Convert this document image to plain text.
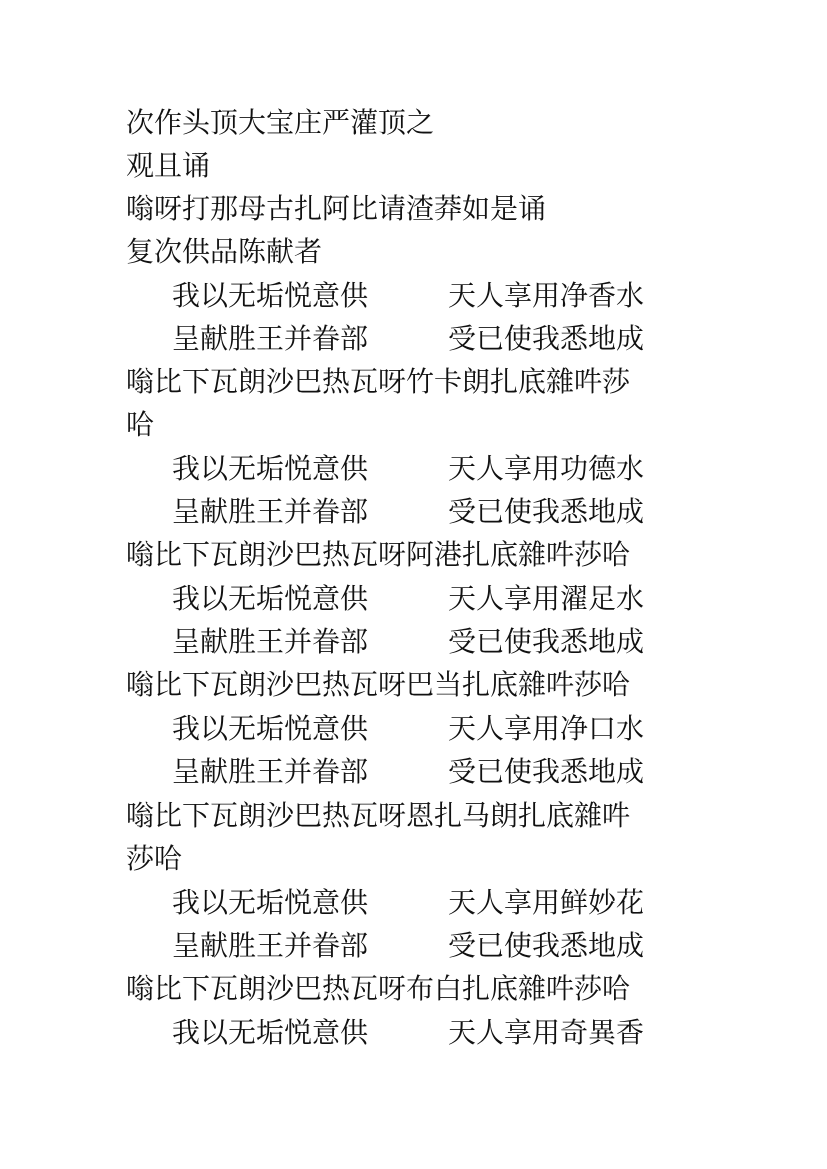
次作头顶大宝庄严灌顶之
观且诵
嗡呀打那母古扎阿比请渣莽如是诵
复次供品陈献者
我以无垢悦意供	天人享用净香水
呈献胜王并眷部	受已使我悉地成
嗡比下瓦朗沙巴热瓦呀竹卡朗扎底雜吽莎
哈
我以无垢悦意供	天人享用功德水
呈献胜王并眷部	受已使我悉地成
嗡比下瓦朗沙巴热瓦呀阿港扎底雜吽莎哈
我以无垢悦意供	天人享用濯足水
呈献胜王并眷部	受已使我悉地成
嗡比下瓦朗沙巴热瓦呀巴当扎底雜吽莎哈
我以无垢悦意供	天人享用净口水
呈献胜王并眷部	受已使我悉地成
嗡比下瓦朗沙巴热瓦呀恩扎马朗扎底雜吽
莎哈
我以无垢悦意供	天人享用鲜妙花
呈献胜王并眷部	受已使我悉地成
嗡比下瓦朗沙巴热瓦呀布白扎底雜吽莎哈
我以无垢悦意供	天人享用奇異香
